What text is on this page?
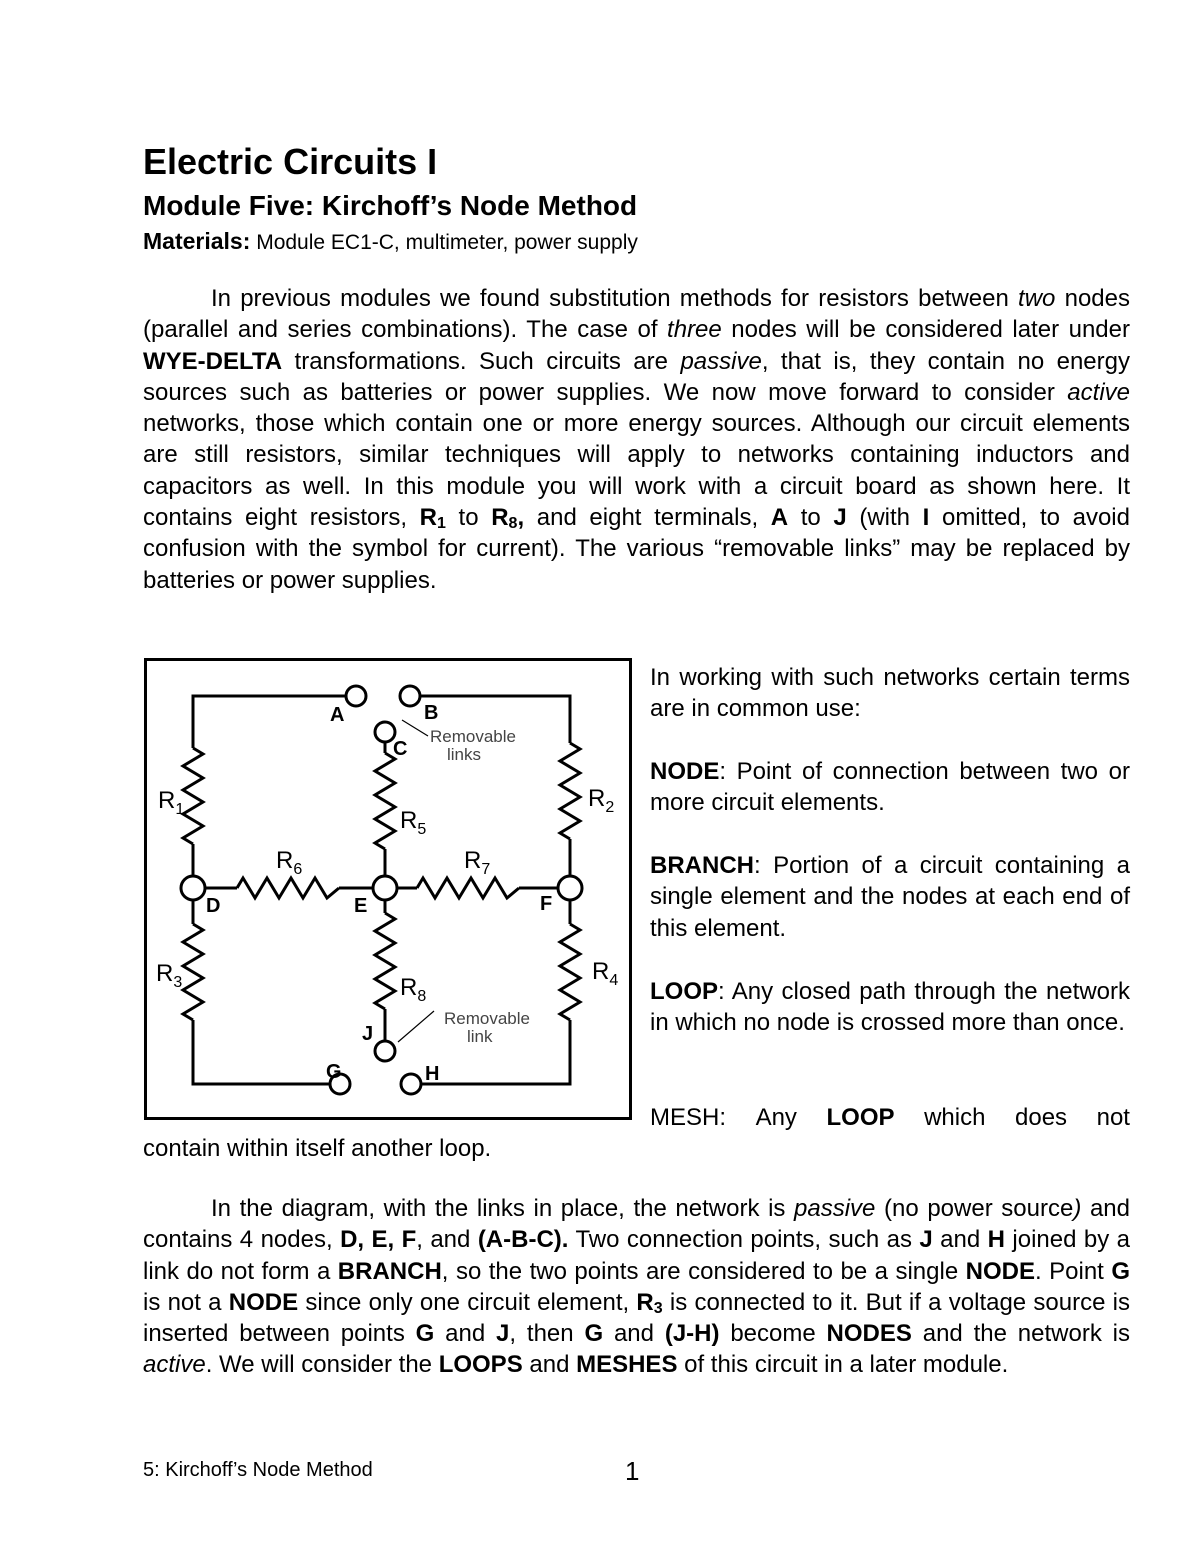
Electric Circuits I
Module Five: Kirchoff’s Node Method
Materials: Module EC1-C, multimeter, power supply

In previous modules we found substitution methods for resistors between two nodes (parallel and series combinations). The case of three nodes will be considered later under WYE-DELTA transformations. Such circuits are passive, that is, they contain no energy sources such as batteries or power supplies. We now move forward to consider active networks, those which contain one or more energy sources. Although our circuit elements are still resistors, similar techniques will apply to networks containing inductors and capacitors as well. In this module you will work with a circuit board as shown here. It contains eight resistors, $R_1$ to $R_8$, and eight terminals, A to J (with I omitted, to avoid confusion with the symbol for current). The various “removable links” may be replaced by batteries or power supplies.

A	B
C
D	E	F
G	H
J
$R_1$	$R_2$
$R_3$	$R_4$
$R_5$
$R_6$	$R_7$
$R_8$
Removable
links
Removable
link

In working with such networks certain terms are in common use:

NODE: Point of connection between two or more circuit elements.

BRANCH: Portion of a circuit containing a single element and the nodes at each end of this element.

LOOP: Any closed path through the network in which no node is crossed more than once.

MESH: Any LOOP which does not

contain within itself another loop.

In the diagram, with the links in place, the network is passive (no power source) and contains 4 nodes, D, E, F, and (A-B-C). Two connection points, such as J and H joined by a link do not form a BRANCH, so the two points are considered to be a single NODE. Point G is not a NODE since only one circuit element, $R_3$ is connected to it. But if a voltage source is inserted between points G and J, then G and (J-H) become NODES and the network is active. We will consider the LOOPS and MESHES of this circuit in a later module.

5: Kirchoff’s Node Method	1
